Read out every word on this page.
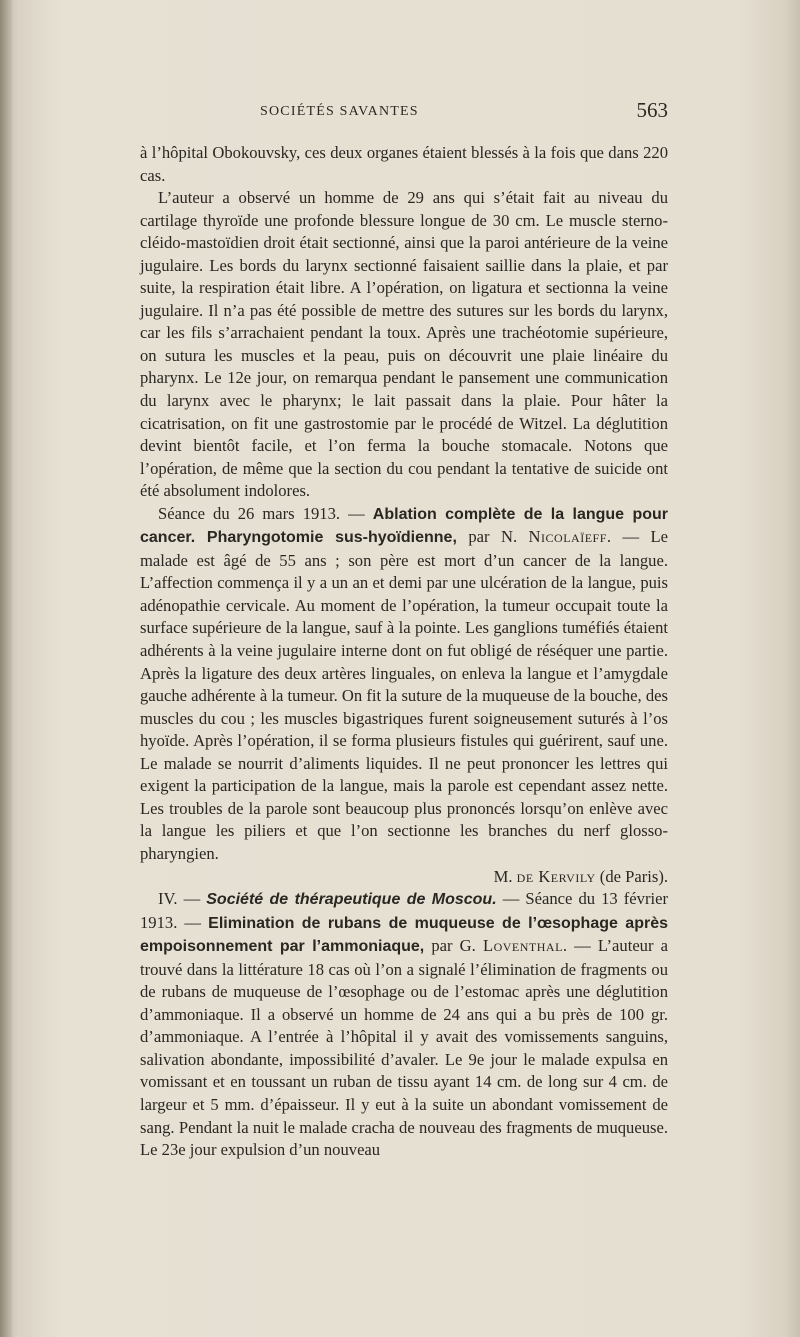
SOCIÉTÉS SAVANTES	563

à l’hôpital Obokouvsky, ces deux organes étaient blessés à la fois que dans 220 cas.

L’auteur a observé un homme de 29 ans qui s’était fait au niveau du cartilage thyroïde une profonde blessure longue de 30 cm. Le muscle sterno-cléido-mastoïdien droit était sectionné, ainsi que la paroi antérieure de la veine jugulaire. Les bords du larynx sectionné faisaient saillie dans la plaie, et par suite, la respiration était libre. A l’opération, on ligatura et sectionna la veine jugulaire. Il n’a pas été possible de mettre des sutures sur les bords du larynx, car les fils s’arrachaient pendant la toux. Après une trachéotomie supérieure, on sutura les muscles et la peau, puis on découvrit une plaie linéaire du pharynx. Le 12e jour, on remarqua pendant le pansement une communication du larynx avec le pharynx; le lait passait dans la plaie. Pour hâter la cicatrisation, on fit une gastrostomie par le procédé de Witzel. La déglutition devint bientôt facile, et l’on ferma la bouche stomacale. Notons que l’opération, de même que la section du cou pendant la tentative de suicide ont été absolument indolores.

Séance du 26 mars 1913. — Ablation complète de la langue pour cancer. Pharyngotomie sus-hyoïdienne, par N. Nicolaïeff. — Le malade est âgé de 55 ans ; son père est mort d’un cancer de la langue. L’affection commença il y a un an et demi par une ulcération de la langue, puis adénopathie cervicale. Au moment de l’opération, la tumeur occupait toute la surface supérieure de la langue, sauf à la pointe. Les ganglions tuméfiés étaient adhérents à la veine jugulaire interne dont on fut obligé de réséquer une partie. Après la ligature des deux artères linguales, on enleva la langue et l’amygdale gauche adhérente à la tumeur. On fit la suture de la muqueuse de la bouche, des muscles du cou ; les muscles bigastriques furent soigneusement suturés à l’os hyoïde. Après l’opération, il se forma plusieurs fistules qui guérirent, sauf une. Le malade se nourrit d’aliments liquides. Il ne peut prononcer les lettres qui exigent la participation de la langue, mais la parole est cependant assez nette. Les troubles de la parole sont beaucoup plus prononcés lorsqu’on enlève avec la langue les piliers et que l’on sectionne les branches du nerf glosso-pharyngien.

M. de Kervily (de Paris).

IV. — Société de thérapeutique de Moscou. — Séance du 13 février 1913. — Elimination de rubans de muqueuse de l’œsophage après empoisonnement par l’ammoniaque, par G. Loventhal. — L’auteur a trouvé dans la littérature 18 cas où l’on a signalé l’élimination de fragments ou de rubans de muqueuse de l’œsophage ou de l’estomac après une déglutition d’ammoniaque. Il a observé un homme de 24 ans qui a bu près de 100 gr. d’ammoniaque. A l’entrée à l’hôpital il y avait des vomissements sanguins, salivation abondante, impossibilité d’avaler. Le 9e jour le malade expulsa en vomissant et en toussant un ruban de tissu ayant 14 cm. de long sur 4 cm. de largeur et 5 mm. d’épaisseur. Il y eut à la suite un abondant vomissement de sang. Pendant la nuit le malade cracha de nouveau des fragments de muqueuse. Le 23e jour expulsion d’un nouveau
